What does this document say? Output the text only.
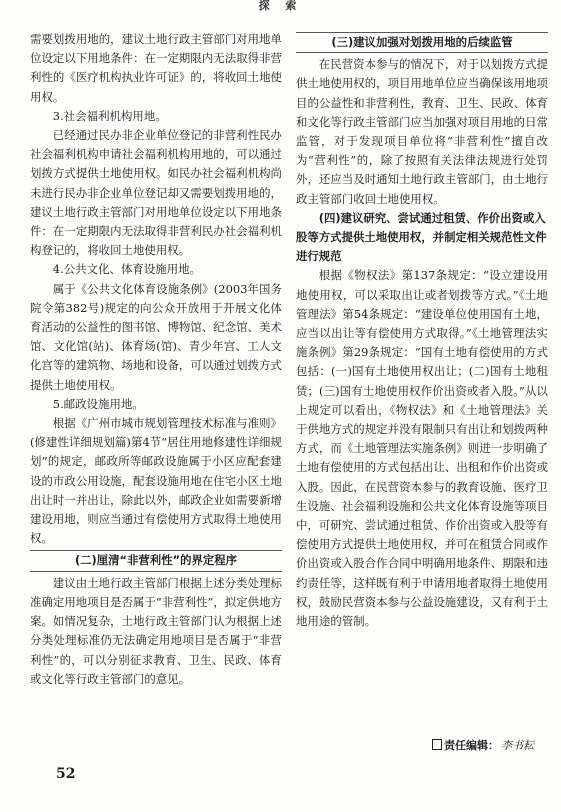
探 索

需要划拨用地的，建议土地行政主管部门对用地单位设定以下用地条件：在一定期限内无法取得非营利性的《医疗机构执业许可证》的，将收回土地使用权。

3.社会福利机构用地。

已经通过民办非企业单位登记的非营利性民办社会福利机构申请社会福利机构用地的，可以通过划拨方式提供土地使用权。如民办社会福利机构尚未进行民办非企业单位登记却又需要划拨用地的，建议土地行政主管部门对用地单位设定以下用地条件：在一定期限内无法取得非营利民办社会福利机构登记的，将收回土地使用权。

4.公共文化、体育设施用地。

属于《公共文化体育设施条例》(2003年国务院令第382号)规定的向公众开放用于开展文化体育活动的公益性的图书馆、博物馆、纪念馆、美术馆、文化馆(站)、体育场(馆)、青少年宫、工人文化宫等的建筑物、场地和设备，可以通过划拨方式提供土地使用权。

5.邮政设施用地。

根据《广州市城市规划管理技术标准与准则》(修建性详细规划篇)第4节“居住用地修建性详细规划”的规定，邮政所等邮政设施属于小区应配套建设的市政公用设施，配套设施用地在住宅小区土地出让时一并出让，除此以外，邮政企业如需要新增建设用地，则应当通过有偿使用方式取得土地使用权。

(二)厘清“非营利性”的界定程序

建议由土地行政主管部门根据上述分类处理标准确定用地项目是否属于“非营利性”，拟定供地方案。如情况复杂，土地行政主管部门认为根据上述分类处理标准仍无法确定用地项目是否属于“非营利性”的，可以分别征求教育、卫生、民政、体育或文化等行政主管部门的意见。

(三)建议加强对划拨用地的后续监管

在民营资本参与的情况下，对于以划拨方式提供土地使用权的，项目用地单位应当确保该用地项目的公益性和非营利性，教育、卫生、民政、体育和文化等行政主管部门应当加强对项目用地的日常监管，对于发现项目单位将“非营利性”擅自改为“营利性”的，除了按照有关法律法规进行处罚外，还应当及时通知土地行政主管部门，由土地行政主管部门收回土地使用权。

(四)建议研究、尝试通过租赁、作价出资或入股等方式提供土地使用权，并制定相关规范性文件进行规范

根据《物权法》第137条规定：“设立建设用地使用权，可以采取出让或者划拨等方式。”《土地管理法》第54条规定：“建设单位使用国有土地，应当以出让等有偿使用方式取得。”《土地管理法实施条例》第29条规定：“国有土地有偿使用的方式包括：(一)国有土地使用权出让；(二)国有土地租赁；(三)国有土地使用权作价出资或者入股。”从以上规定可以看出，《物权法》和《土地管理法》关于供地方式的规定并没有限制只有出让和划拨两种方式，而《土地管理法实施条例》则进一步明确了土地有偿使用的方式包括出让、出租和作价出资或入股。因此，在民营资本参与的教育设施、医疗卫生设施、社会福利设施和公共文化体育设施等项目中，可研究、尝试通过租赁、作价出资或入股等有偿使用方式提供土地使用权，并可在租赁合同或作价出资或入股合作合同中明确用地条件、期限和违约责任等，这样既有利于申请用地者取得土地使用权，鼓励民营资本参与公益设施建设，又有利于土地用途的管制。

责任编辑： 李书耘
52
